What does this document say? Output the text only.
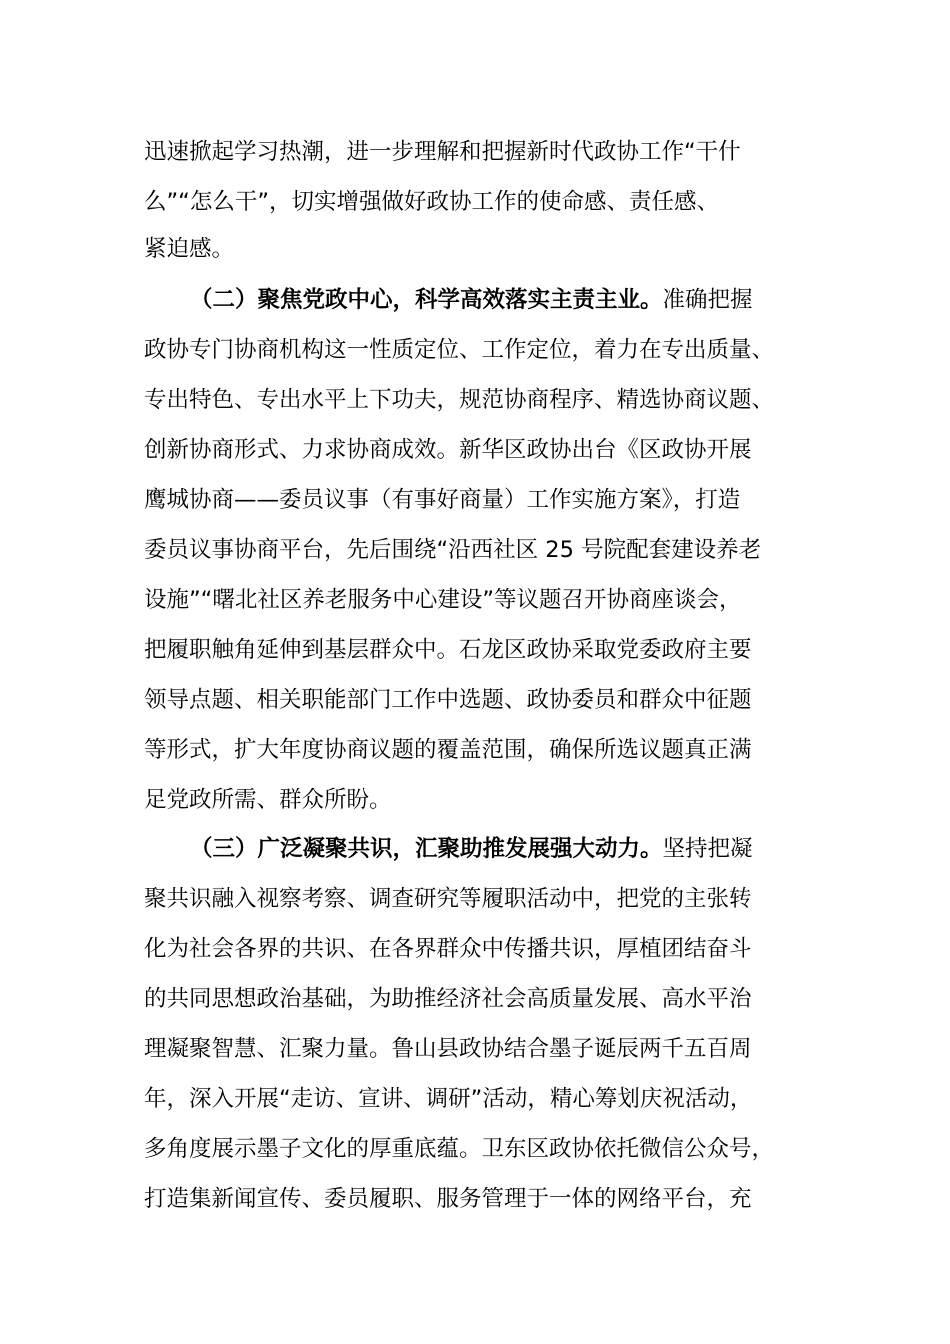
迅速掀起学习热潮，进一步理解和把握新时代政协工作“干什
么”“怎么干”，切实增强做好政协工作的使命感、责任感、
紧迫感。
（二）聚焦党政中心，科学高效落实主责主业。准确把握
政协专门协商机构这一性质定位、工作定位，着力在专出质量、
专出特色、专出水平上下功夫，规范协商程序、精选协商议题、
创新协商形式、力求协商成效。新华区政协出台《区政协开展
鹰城协商——委员议事（有事好商量）工作实施方案》，打造
委员议事协商平台，先后围绕“沿西社区 25 号院配套建设养老
设施”“曙北社区养老服务中心建设”等议题召开协商座谈会，
把履职触角延伸到基层群众中。石龙区政协采取党委政府主要
领导点题、相关职能部门工作中选题、政协委员和群众中征题
等形式，扩大年度协商议题的覆盖范围，确保所选议题真正满
足党政所需、群众所盼。
（三）广泛凝聚共识，汇聚助推发展强大动力。坚持把凝
聚共识融入视察考察、调查研究等履职活动中，把党的主张转
化为社会各界的共识、在各界群众中传播共识，厚植团结奋斗
的共同思想政治基础，为助推经济社会高质量发展、高水平治
理凝聚智慧、汇聚力量。鲁山县政协结合墨子诞辰两千五百周
年，深入开展“走访、宣讲、调研”活动，精心筹划庆祝活动，
多角度展示墨子文化的厚重底蕴。卫东区政协依托微信公众号，
打造集新闻宣传、委员履职、服务管理于一体的网络平台，充
